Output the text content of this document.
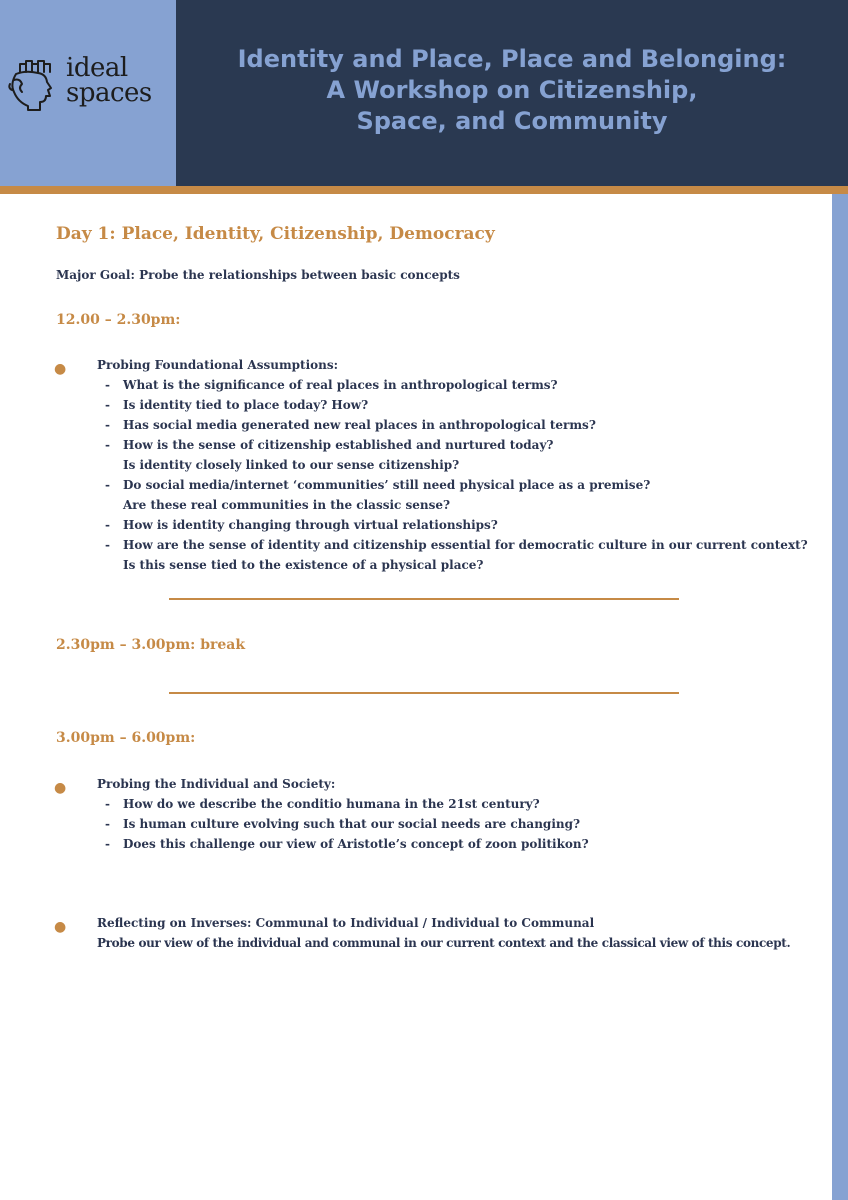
ideal
spaces
Identity and Place, Place and Belonging:
A Workshop on Citizenship,
Space, and Community
Day 1: Place, Identity, Citizenship, Democracy
Major Goal: Probe the relationships between basic concepts
12.00 – 2.30pm:
●	Probing Foundational Assumptions:
- What is the significance of real places in anthropological terms?
- Is identity tied to place today? How?
- Has social media generated new real places in anthropological terms?
- How is the sense of citizenship established and nurtured today?
Is identity closely linked to our sense citizenship?
- Do social media/internet ‘communities’ still need physical place as a premise?
Are these real communities in the classic sense?
- How is identity changing through virtual relationships?
- How are the sense of identity and citizenship essential for democratic culture in our current context?
Is this sense tied to the existence of a physical place?
2.30pm – 3.00pm: break
3.00pm – 6.00pm:
●	Probing the Individual and Society:
- How do we describe the conditio humana in the 21st century?
- Is human culture evolving such that our social needs are changing?
- Does this challenge our view of Aristotle’s concept of zoon politikon?
●	Reflecting on Inverses: Communal to Individual / Individual to Communal
Probe our view of the individual and communal in our current context and the classical view of this concept.
